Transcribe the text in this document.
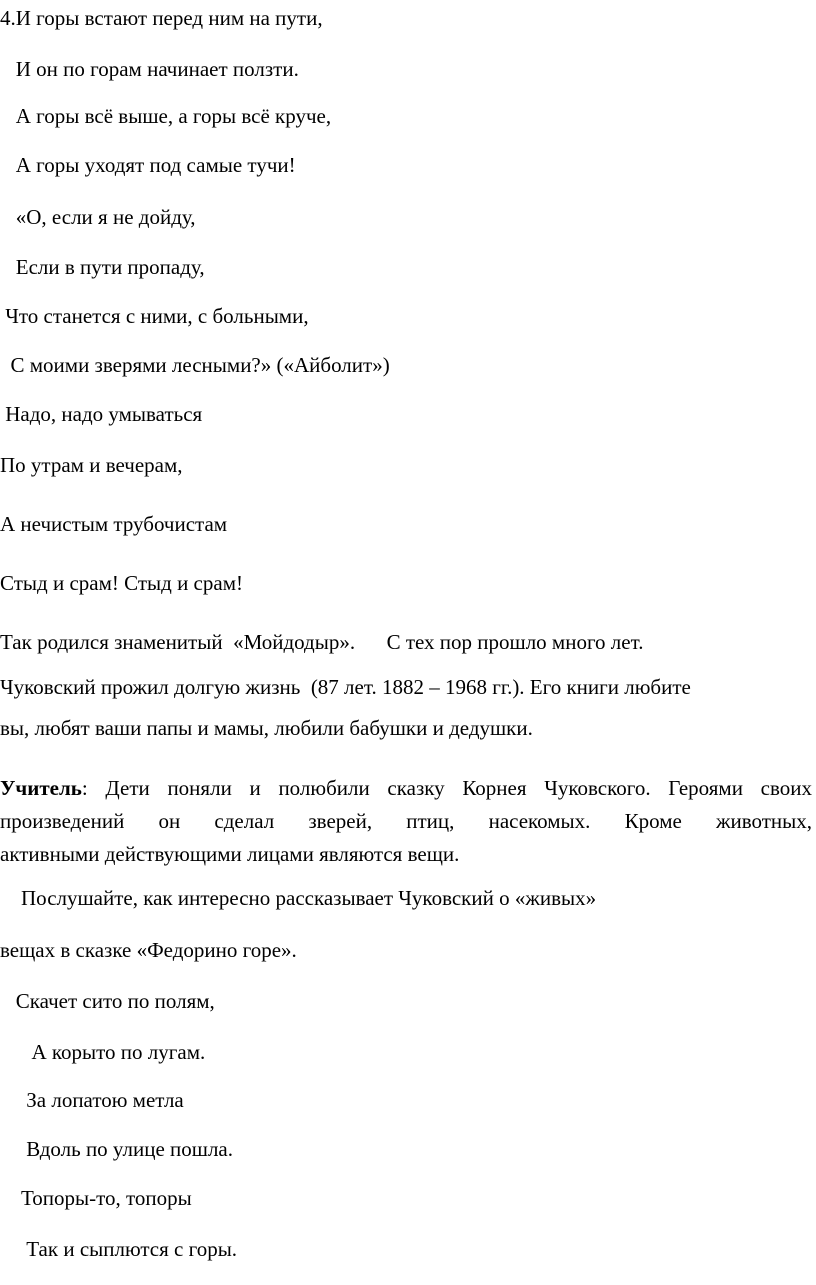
4.И горы встают перед ним на пути,

И он по горам начинает ползти.

А горы всё выше, а горы всё круче,

А горы уходят под самые тучи!

«О, если я не дойду,

Если в пути пропаду,

Что станется с ними, с больными,

С моими зверями лесными?» («Айболит»)

Надо, надо умываться

По утрам и вечерам,

А нечистым трубочистам

Стыд и срам! Стыд и срам!

Так родился знаменитый  «Мойдодыр».      С тех пор прошло много лет.

Чуковский прожил долгую жизнь  (87 лет. 1882 – 1968 гг.). Его книги любите

вы, любят ваши папы и мамы, любили бабушки и дедушки.

Учитель: Дети поняли и полюбили сказку Корнея Чуковского. Героями своих
произведений он сделал зверей, птиц, насекомых. Кроме животных,
активными действующими лицами являются вещи.

Послушайте, как интересно рассказывает Чуковский о «живых»

вещах в сказке «Федорино горе».

Скачет сито по полям,

А корыто по лугам.

За лопатою метла

Вдоль по улице пошла.

Топоры-то, топоры

Так и сыплются с горы.
